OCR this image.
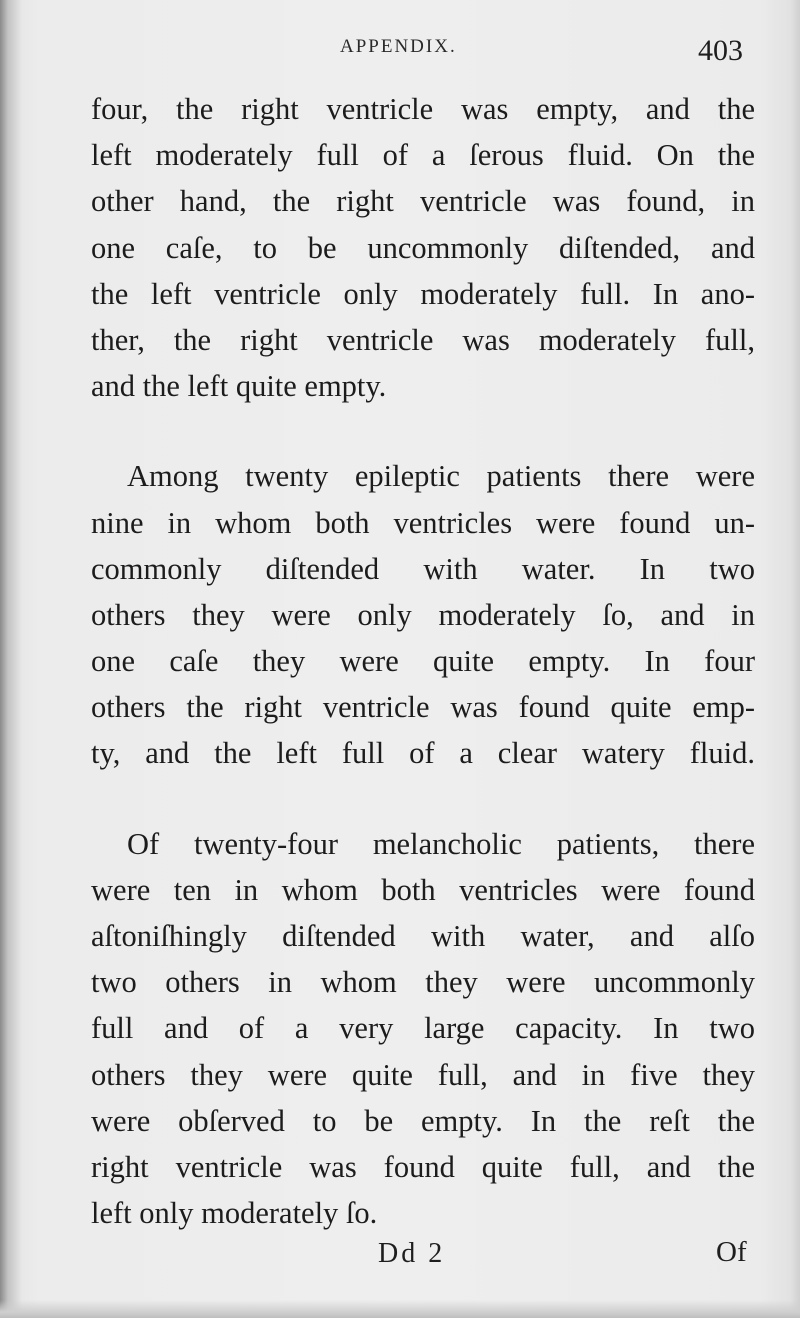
APPENDIX.	403
four, the right ventricle was empty, and the
left moderately full of a ſerous fluid. On the
other hand, the right ventricle was found, in
one caſe, to be uncommonly diſtended, and
the left ventricle only moderately full. In ano-
ther, the right ventricle was moderately full,
and the left quite empty.
Among twenty epileptic patients there were
nine in whom both ventricles were found un-
commonly diſtended with water. In two
others they were only moderately ſo, and in
one caſe they were quite empty. In four
others the right ventricle was found quite emp-
ty, and the left full of a clear watery fluid.
Of twenty-four melancholic patients, there
were ten in whom both ventricles were found
aſtoniſhingly diſtended with water, and alſo
two others in whom they were uncommonly
full and of a very large capacity. In two
others they were quite full, and in five they
were obſerved to be empty. In the reſt the
right ventricle was found quite full, and the
left only moderately ſo.
Dd 2	Of
